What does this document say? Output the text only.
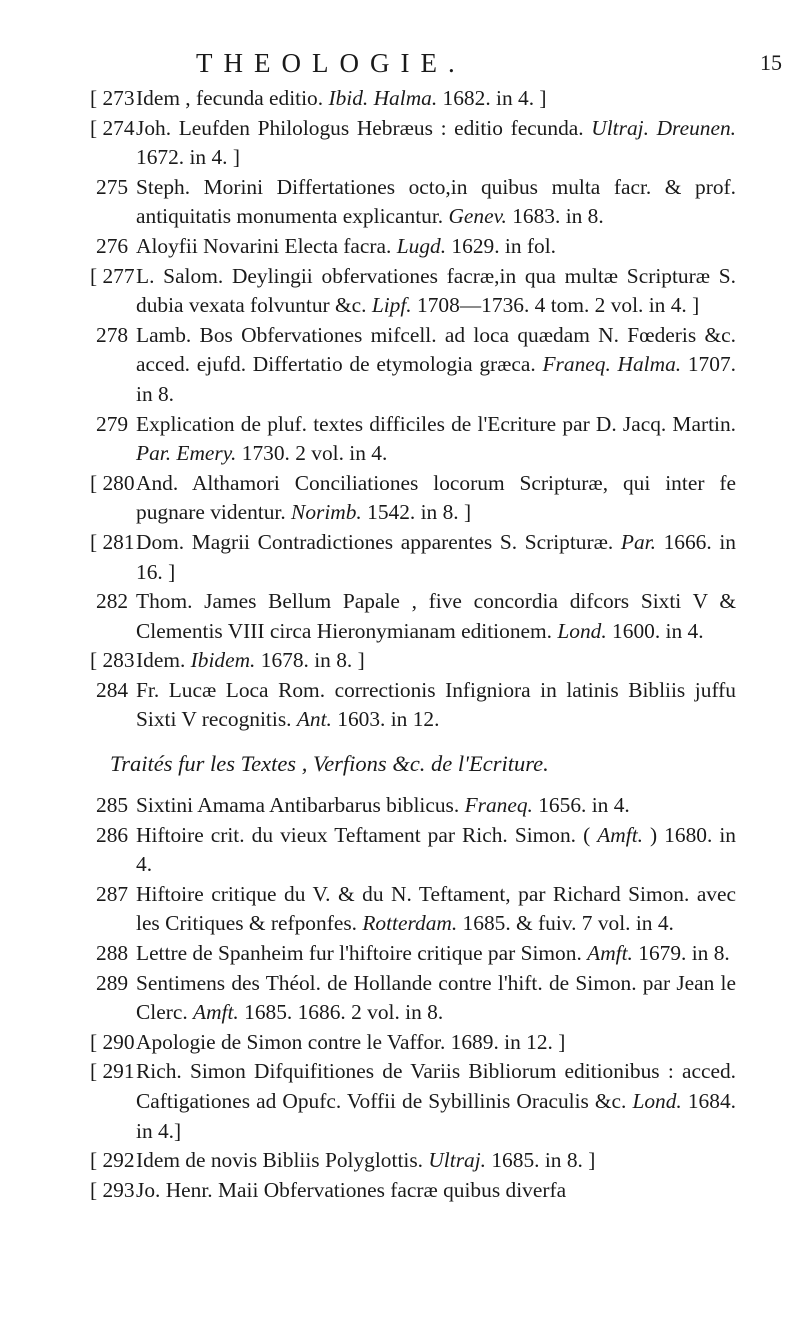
THEOLOGIE.	15
[ 273 Idem , fecunda editio. Ibid. Halma. 1682. in 4. ]
[ 274 Joh. Leufden Philologus Hebræus : editio fecunda. Ultraj. Dreunen. 1672. in 4. ]
275 Steph. Morini Differtationes octo,in quibus multa facr. & prof. antiquitatis monumenta explicantur. Genev. 1683. in 8.
276 Aloyfii Novarini Electa facra. Lugd. 1629. in fol.
[ 277 L. Salom. Deylingii obfervationes facræ,in qua multæ Scripturæ S. dubia vexata folvuntur &c. Lipf. 1708—1736. 4 tom. 2 vol. in 4. ]
278 Lamb. Bos Obfervationes mifcell. ad loca quædam N. Fœderis &c. acced. ejufd. Differtatio de etymologia græca. Franeq. Halma. 1707. in 8.
279 Explication de pluf. textes difficiles de l'Ecriture par D. Jacq. Martin. Par. Emery. 1730. 2 vol. in 4.
[ 280 And. Althamori Conciliationes locorum Scripturæ, qui inter fe pugnare videntur. Norimb. 1542. in 8. ]
[ 281 Dom. Magrii Contradictiones apparentes S. Scripturæ. Par. 1666. in 16. ]
282 Thom. James Bellum Papale , five concordia difcors Sixti V & Clementis VIII circa Hieronymianam editionem. Lond. 1600. in 4.
[ 283 Idem. Ibidem. 1678. in 8. ]
284 Fr. Lucæ Loca Rom. correctionis Infigniora in latinis Bibliis juffu Sixti V recognitis. Ant. 1603. in 12.
Traités fur les Textes , Verfions &c. de l'Ecriture.
285 Sixtini Amama Antibarbarus biblicus. Franeq. 1656. in 4.
286 Hiftoire crit. du vieux Teftament par Rich. Simon. ( Amft. ) 1680. in 4.
287 Hiftoire critique du V. & du N. Teftament, par Richard Simon. avec les Critiques & refponfes. Rotterdam. 1685. & fuiv. 7 vol. in 4.
288 Lettre de Spanheim fur l'hiftoire critique par Simon. Amft. 1679. in 8.
289 Sentimens des Théol. de Hollande contre l'hift. de Simon. par Jean le Clerc. Amft. 1685. 1686. 2 vol. in 8.
[ 290 Apologie de Simon contre le Vaffor. 1689. in 12. ]
[ 291 Rich. Simon Difquifitiones de Variis Bibliorum editionibus : acced. Caftigationes ad Opufc. Voffii de Sybillinis Oraculis &c. Lond. 1684. in 4.]
[ 292 Idem de novis Bibliis Polyglottis. Ultraj. 1685. in 8. ]
[ 293 Jo. Henr. Maii Obfervationes facræ quibus diverfa
